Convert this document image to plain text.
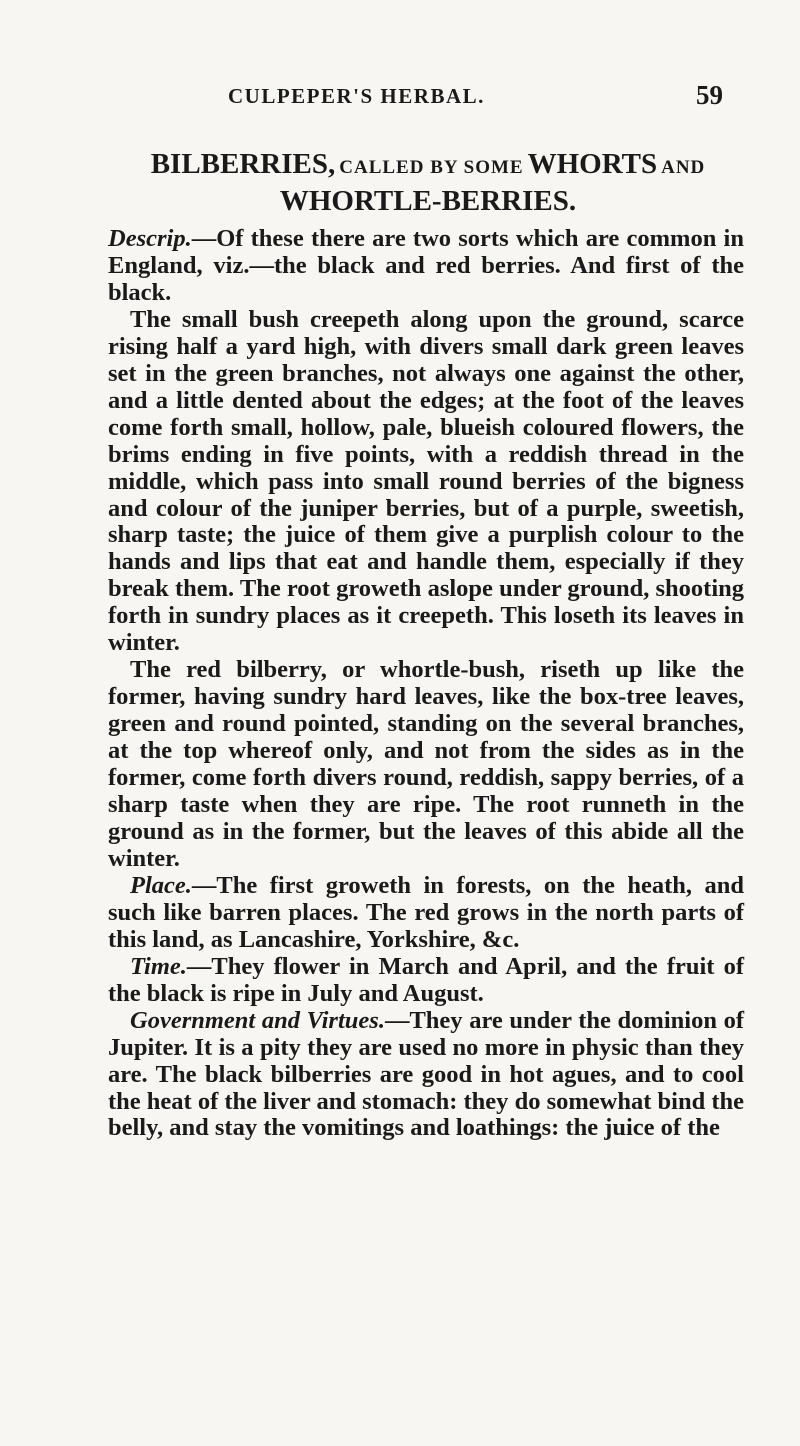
CULPEPER'S HERBAL.	59
BILBERRIES, CALLED BY SOME WHORTS AND
WHORTLE-BERRIES.

Descrip.—Of these there are two sorts which are common in England, viz.—the black and red berries. And first of the black.

The small bush creepeth along upon the ground, scarce rising half a yard high, with divers small dark green leaves set in the green branches, not always one against the other, and a little dented about the edges; at the foot of the leaves come forth small, hollow, pale, blueish coloured flowers, the brims ending in five points, with a reddish thread in the middle, which pass into small round berries of the bigness and colour of the juniper berries, but of a purple, sweetish, sharp taste; the juice of them give a purplish colour to the hands and lips that eat and handle them, especially if they break them. The root groweth aslope under ground, shooting forth in sundry places as it creepeth. This loseth its leaves in winter.

The red bilberry, or whortle-bush, riseth up like the former, having sundry hard leaves, like the box-tree leaves, green and round pointed, standing on the several branches, at the top whereof only, and not from the sides as in the former, come forth divers round, reddish, sappy berries, of a sharp taste when they are ripe. The root runneth in the ground as in the former, but the leaves of this abide all the winter.

Place.—The first groweth in forests, on the heath, and such like barren places. The red grows in the north parts of this land, as Lancashire, Yorkshire, &c.

Time.—They flower in March and April, and the fruit of the black is ripe in July and August.

Government and Virtues.—They are under the dominion of Jupiter. It is a pity they are used no more in physic than they are. The black bilberries are good in hot agues, and to cool the heat of the liver and stomach: they do somewhat bind the belly, and stay the vomitings and loathings: the juice of the
